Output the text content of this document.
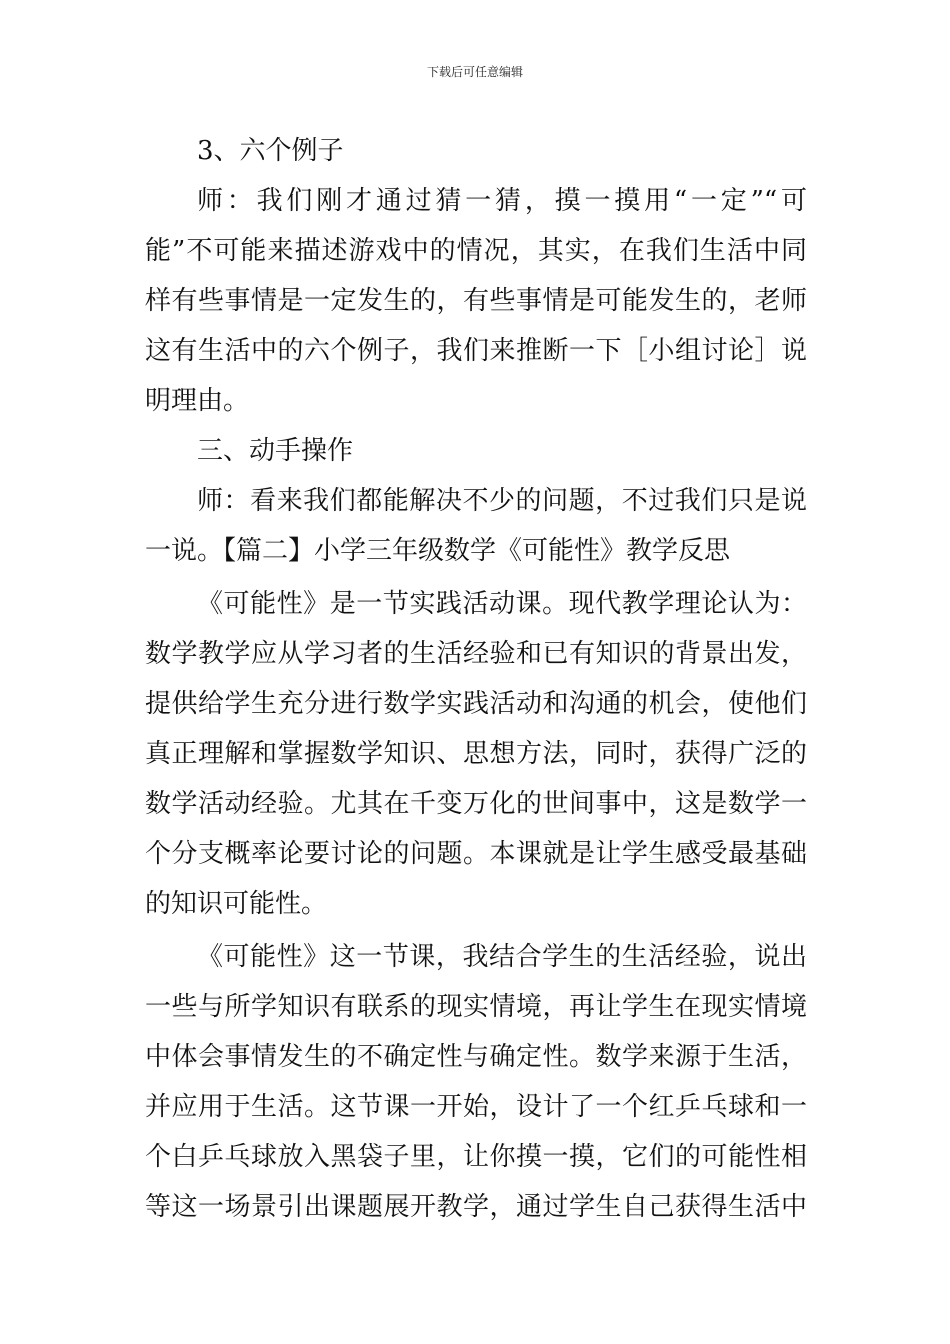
下载后可任意编辑
3、六个例子
师：我们刚才通过猜一猜，摸一摸用“一定”“可
能”不可能来描述游戏中的情况，其实，在我们生活中同
样有些事情是一定发生的，有些事情是可能发生的，老师
这有生活中的六个例子，我们来推断一下［小组讨论］说
明理由。
三、动手操作
师：看来我们都能解决不少的问题，不过我们只是说
一说。【篇二】小学三年级数学《可能性》教学反思
《可能性》是一节实践活动课。现代教学理论认为：
数学教学应从学习者的生活经验和已有知识的背景出发，
提供给学生充分进行数学实践活动和沟通的机会，使他们
真正理解和掌握数学知识、思想方法，同时，获得广泛的
数学活动经验。尤其在千变万化的世间事中，这是数学一
个分支概率论要讨论的问题。本课就是让学生感受最基础
的知识可能性。
《可能性》这一节课，我结合学生的生活经验，说出
一些与所学知识有联系的现实情境，再让学生在现实情境
中体会事情发生的不确定性与确定性。数学来源于生活，
并应用于生活。这节课一开始，设计了一个红乒乓球和一
个白乒乓球放入黑袋子里，让你摸一摸，它们的可能性相
等这一场景引出课题展开教学，通过学生自己获得生活中
